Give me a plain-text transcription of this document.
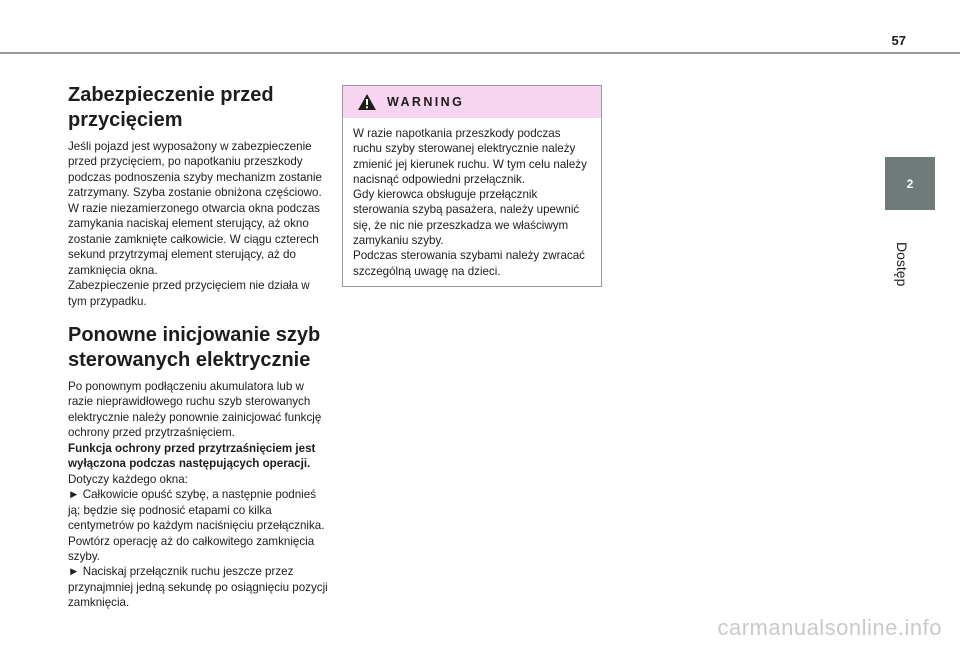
57
2
Dostęp
Zabezpieczenie przed
przycięciem
Jeśli pojazd jest wyposażony w zabezpieczenie przed przycięciem, po napotkaniu przeszkody podczas podnoszenia szyby mechanizm zostanie zatrzymany. Szyba zostanie obniżona częściowo.
W razie niezamierzonego otwarcia okna podczas zamykania naciskaj element sterujący, aż okno zostanie zamknięte całkowicie. W ciągu czterech sekund przytrzymaj element sterujący, aż do zamknięcia okna.
Zabezpieczenie przed przycięciem nie działa w tym przypadku.
Ponowne inicjowanie szyb
sterowanych elektrycznie
Po ponownym podłączeniu akumulatora lub w razie nieprawidłowego ruchu szyb sterowanych elektrycznie należy ponownie zainicjować funkcję ochrony przed przytrzaśnięciem.
Funkcja ochrony przed przytrzaśnięciem jest wyłączona podczas następujących operacji.
Dotyczy każdego okna:
► Całkowicie opuść szybę, a następnie podnieś ją; będzie się podnosić etapami co kilka centymetrów po każdym naciśnięciu przełącznika. Powtórz operację aż do całkowitego zamknięcia szyby.
► Naciskaj przełącznik ruchu jeszcze przez przynajmniej jedną sekundę po osiągnięciu pozycji zamknięcia.
WARNING
W razie napotkania przeszkody podczas ruchu szyby sterowanej elektrycznie należy zmienić jej kierunek ruchu. W tym celu należy nacisnąć odpowiedni przełącznik.
Gdy kierowca obsługuje przełącznik sterowania szybą pasażera, należy upewnić się, że nic nie przeszkadza we właściwym zamykaniu szyby.
Podczas sterowania szybami należy zwracać szczególną uwagę na dzieci.
carmanualsonline.info
